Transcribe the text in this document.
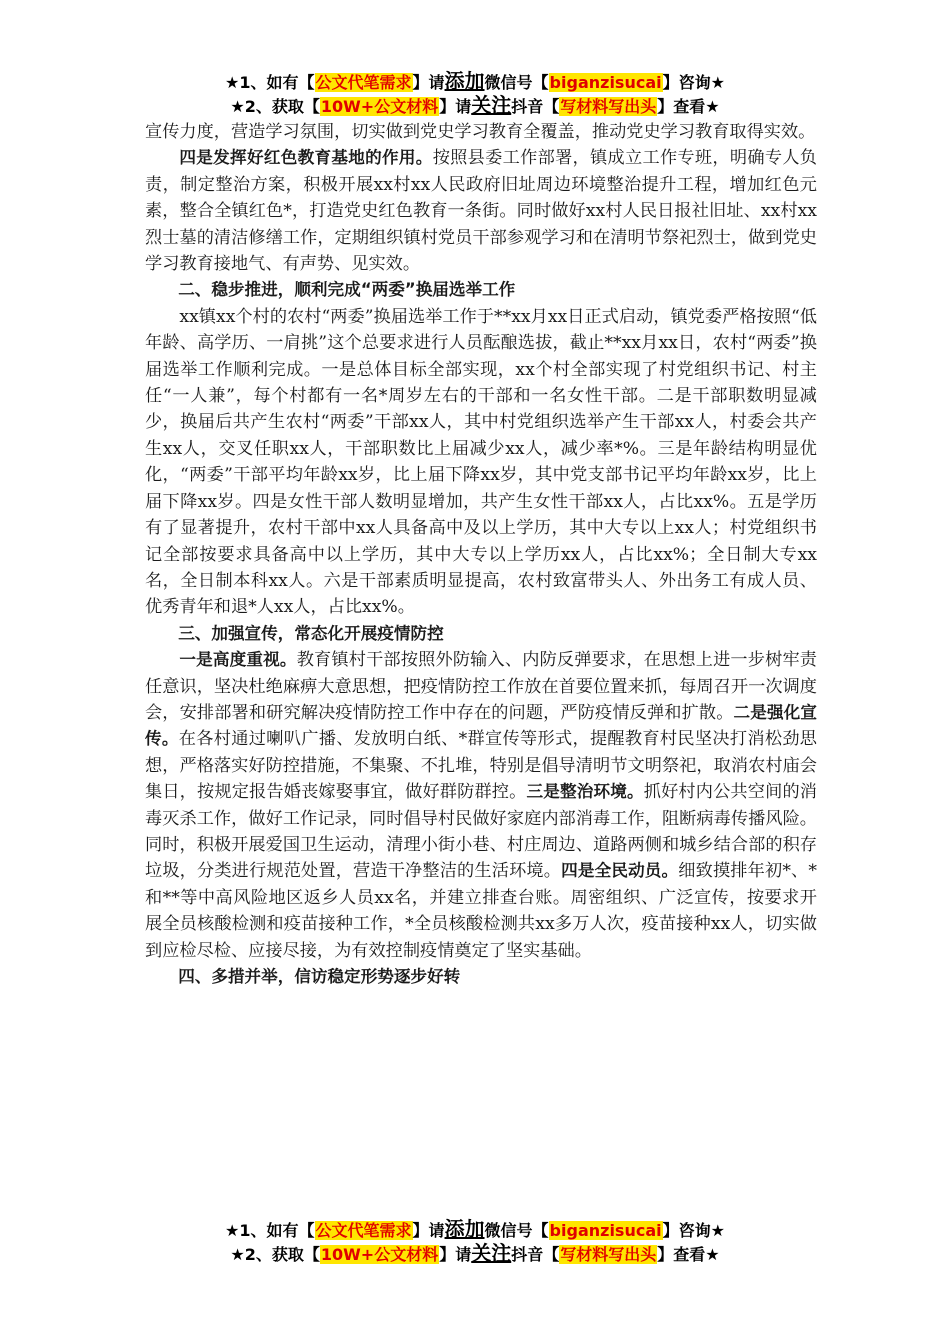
★1、如有【公文代笔需求】请添加微信号【biganzisucai】咨询★
★2、获取【10W+公文材料】请关注抖音【写材料写出头】查看★

宣传力度，营造学习氛围，切实做到党史学习教育全覆盖，推动党史学习教育取得实效。

四是发挥好红色教育基地的作用。按照县委工作部署，镇成立工作专班，明确专人负责，制定整治方案，积极开展xx村xx人民政府旧址周边环境整治提升工程，增加红色元素，整合全镇红色*，打造党史红色教育一条街。同时做好xx村人民日报社旧址、xx村xx烈士墓的清洁修缮工作，定期组织镇村党员干部参观学习和在清明节祭祀烈士，做到党史学习教育接地气、有声势、见实效。

二、稳步推进，顺利完成“两委”换届选举工作

xx镇xx个村的农村“两委”换届选举工作于**xx月xx日正式启动，镇党委严格按照“低年龄、高学历、一肩挑”这个总要求进行人员酝酿选拔，截止**xx月xx日，农村“两委”换届选举工作顺利完成。一是总体目标全部实现，xx个村全部实现了村党组织书记、村主任“一人兼”，每个村都有一名*周岁左右的干部和一名女性干部。二是干部职数明显减少，换届后共产生农村“两委”干部xx人，其中村党组织选举产生干部xx人，村委会共产生xx人，交叉任职xx人，干部职数比上届减少xx人，减少率*%。三是年龄结构明显优化，“两委”干部平均年龄xx岁，比上届下降xx岁，其中党支部书记平均年龄xx岁，比上届下降xx岁。四是女性干部人数明显增加，共产生女性干部xx人，占比xx%。五是学历有了显著提升，农村干部中xx人具备高中及以上学历，其中大专以上xx人；村党组织书记全部按要求具备高中以上学历，其中大专以上学历xx人，占比xx%；全日制大专xx名，全日制本科xx人。六是干部素质明显提高，农村致富带头人、外出务工有成人员、优秀青年和退*人xx人，占比xx%。

三、加强宣传，常态化开展疫情防控

一是高度重视。教育镇村干部按照外防输入、内防反弹要求，在思想上进一步树牢责任意识，坚决杜绝麻痹大意思想，把疫情防控工作放在首要位置来抓，每周召开一次调度会，安排部署和研究解决疫情防控工作中存在的问题，严防疫情反弹和扩散。二是强化宣传。在各村通过喇叭广播、发放明白纸、*群宣传等形式，提醒教育村民坚决打消松劲思想，严格落实好防控措施，不集聚、不扎堆，特别是倡导清明节文明祭祀，取消农村庙会集日，按规定报告婚丧嫁娶事宜，做好群防群控。三是整治环境。抓好村内公共空间的消毒灭杀工作，做好工作记录，同时倡导村民做好家庭内部消毒工作，阻断病毒传播风险。同时，积极开展爱国卫生运动，清理小街小巷、村庄周边、道路两侧和城乡结合部的积存垃圾，分类进行规范处置，营造干净整洁的生活环境。四是全民动员。细致摸排年初*、*和**等中高风险地区返乡人员xx名，并建立排查台账。周密组织、广泛宣传，按要求开展全员核酸检测和疫苗接种工作，*全员核酸检测共xx多万人次，疫苗接种xx人，切实做到应检尽检、应接尽接，为有效控制疫情奠定了坚实基础。

四、多措并举，信访稳定形势逐步好转

★1、如有【公文代笔需求】请添加微信号【biganzisucai】咨询★
★2、获取【10W+公文材料】请关注抖音【写材料写出头】查看★
